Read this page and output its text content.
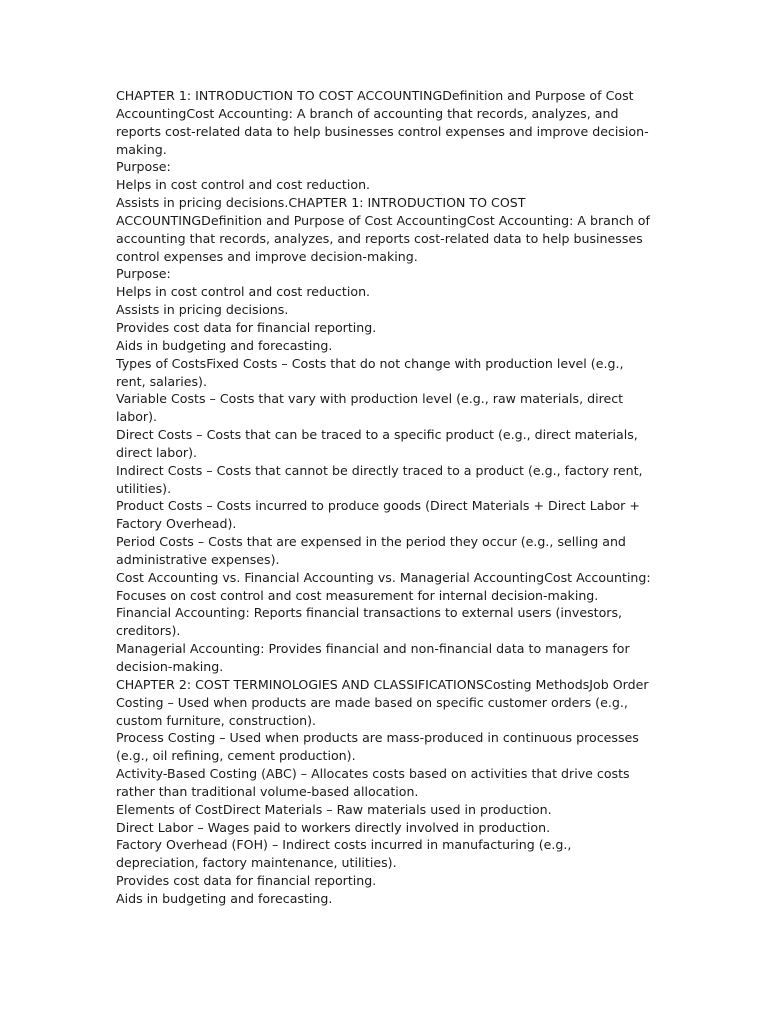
CHAPTER 1: INTRODUCTION TO COST ACCOUNTINGDefinition and Purpose of Cost

AccountingCost Accounting: A branch of accounting that records, analyzes, and

reports cost-related data to help businesses control expenses and improve decision-

making.

Purpose:

Helps in cost control and cost reduction.

Assists in pricing decisions.CHAPTER 1: INTRODUCTION TO COST

ACCOUNTINGDefinition and Purpose of Cost AccountingCost Accounting: A branch of

accounting that records, analyzes, and reports cost-related data to help businesses

control expenses and improve decision-making.

Purpose:

Helps in cost control and cost reduction.

Assists in pricing decisions.

Provides cost data for financial reporting.

Aids in budgeting and forecasting.

Types of CostsFixed Costs – Costs that do not change with production level (e.g.,

rent, salaries).

Variable Costs – Costs that vary with production level (e.g., raw materials, direct

labor).

Direct Costs – Costs that can be traced to a specific product (e.g., direct materials,

direct labor).

Indirect Costs – Costs that cannot be directly traced to a product (e.g., factory rent,

utilities).

Product Costs – Costs incurred to produce goods (Direct Materials + Direct Labor +

Factory Overhead).

Period Costs – Costs that are expensed in the period they occur (e.g., selling and

administrative expenses).

Cost Accounting vs. Financial Accounting vs. Managerial AccountingCost Accounting:

Focuses on cost control and cost measurement for internal decision-making.

Financial Accounting: Reports financial transactions to external users (investors,

creditors).

Managerial Accounting: Provides financial and non-financial data to managers for

decision-making.

CHAPTER 2: COST TERMINOLOGIES AND CLASSIFICATIONSCosting MethodsJob Order

Costing – Used when products are made based on specific customer orders (e.g.,

custom furniture, construction).

Process Costing – Used when products are mass-produced in continuous processes

(e.g., oil refining, cement production).

Activity-Based Costing (ABC) – Allocates costs based on activities that drive costs

rather than traditional volume-based allocation.

Elements of CostDirect Materials – Raw materials used in production.

Direct Labor – Wages paid to workers directly involved in production.

Factory Overhead (FOH) – Indirect costs incurred in manufacturing (e.g.,

depreciation, factory maintenance, utilities).

Provides cost data for financial reporting.

Aids in budgeting and forecasting.
